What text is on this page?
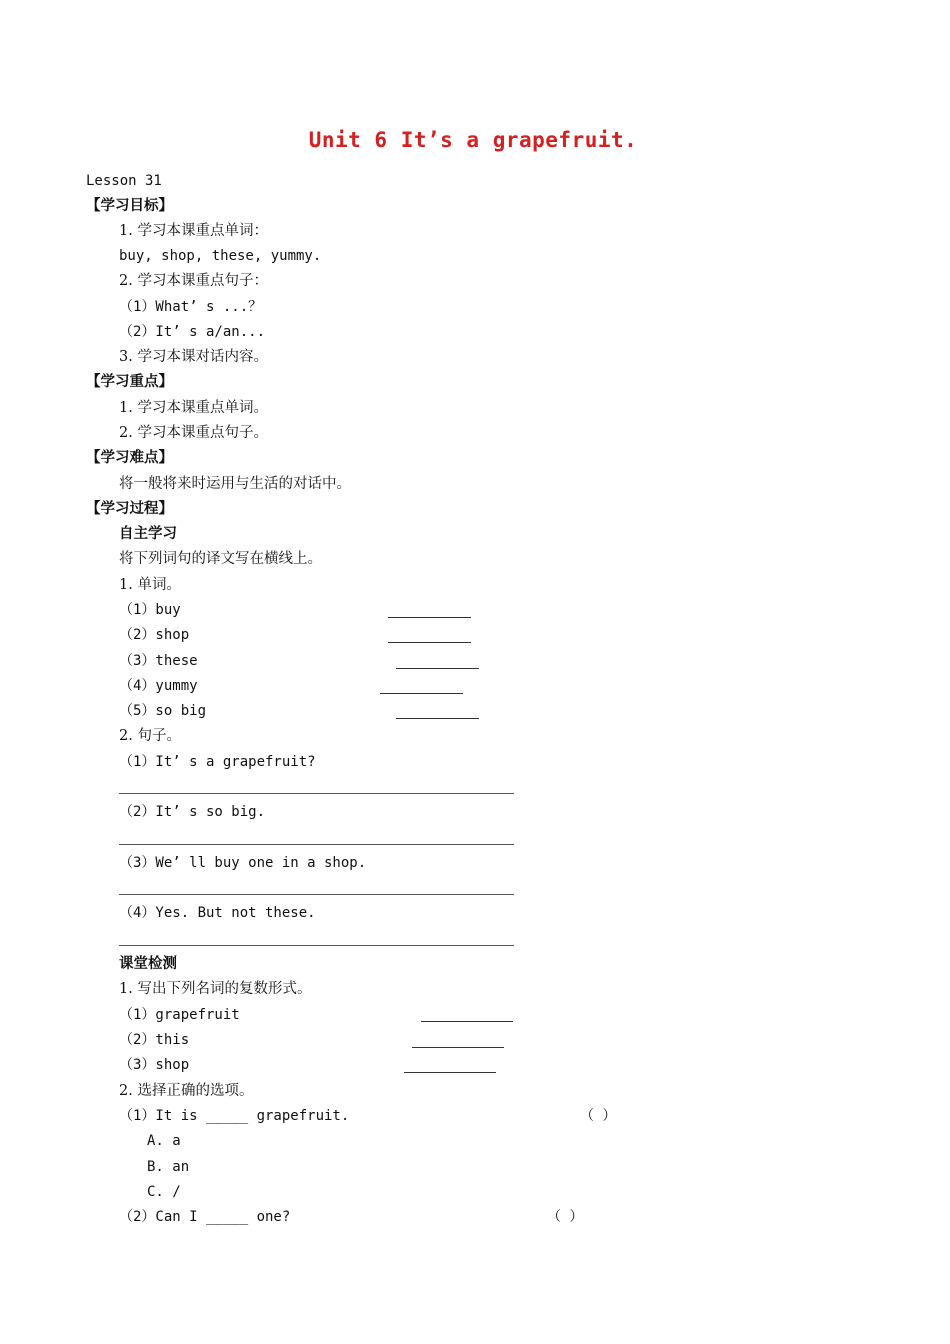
Unit 6 It’s a grapefruit.
Lesson 31
【学习目标】
1. 学习本课重点单词：
buy, shop, these, yummy.
2. 学习本课重点句子：
（1）What’ s ...？
（2）It’ s a/an...
3. 学习本课对话内容。
【学习重点】
1. 学习本课重点单词。
2. 学习本课重点句子。
【学习难点】
将一般将来时运用与生活的对话中。
【学习过程】
自主学习
将下列词句的译文写在横线上。
1. 单词。
（1）buy
（2）shop
（3）these
（4）yummy
（5）so big
2. 句子。
（1）It’ s a grapefruit?
（2）It’ s so big.
（3）We’ ll buy one in a shop.
（4）Yes. But not these.
课堂检测
1. 写出下列名词的复数形式。
（1）grapefruit
（2）this
（3）shop
2. 选择正确的选项。
（1）It is _____ grapefruit.	（ ）
A. a
B. an
C. /
（2）Can I _____ one?	（ ）
